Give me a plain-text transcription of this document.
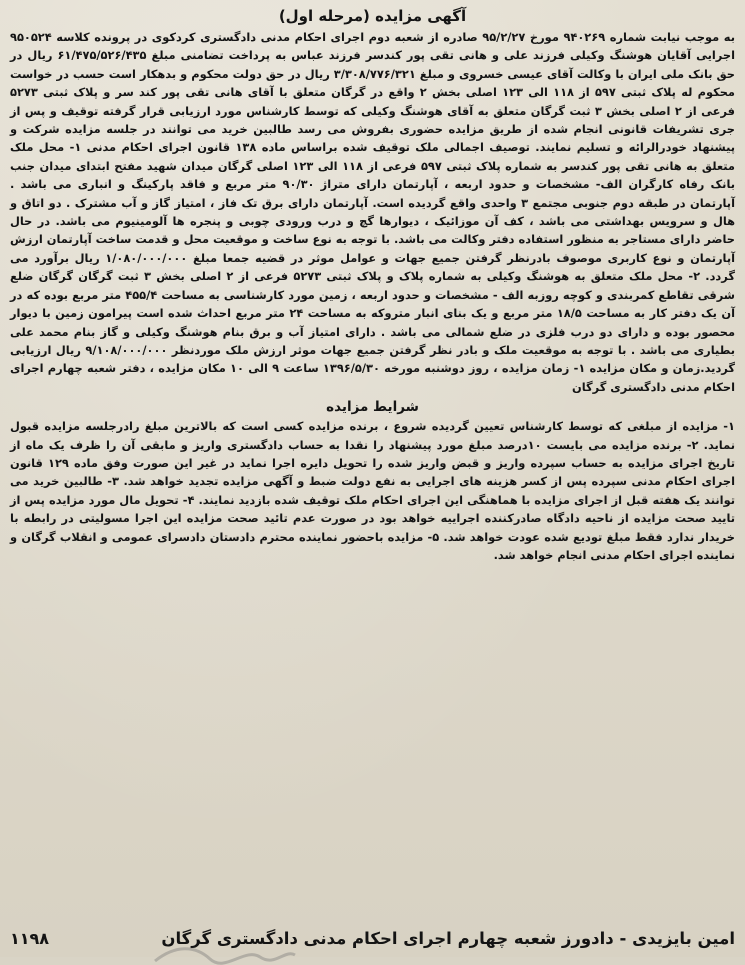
آگهی مزایده (مرحله اول)

به موجب نیابت شماره ۹۴۰۲۶۹ مورخ ۹۵/۲/۲۷ صادره از شعبه دوم اجرای احکام مدنی دادگستری کردکوی در پرونده کلاسه ۹۵۰۵۲۴ اجرایی آقایان هوشنگ وکیلی فرزند علی و هانی تقی پور کندسر فرزند عباس به پرداخت تضامنی مبلغ ۶۱/۴۷۵/۵۲۶/۴۳۵ ریال در حق بانک ملی ایران با وکالت آقای عیسی خسروی و مبلغ ۳/۳۰۸/۷۷۶/۳۲۱ ریال در حق دولت محکوم و بدهکار است حسب در خواست محکوم له پلاک ثبتی ۵۹۷ از ۱۱۸ الی ۱۲۳ اصلی بخش ۲ واقع در گرگان متعلق با آقای هانی تقی پور کند سر و پلاک ثبتی ۵۲۷۳ فرعی از ۲ اصلی بخش ۳ ثبت گرگان متعلق به آقای هوشنگ وکیلی که توسط کارشناس مورد ارزیابی قرار گرفته توقیف و پس از جری تشریفات قانونی انجام شده از طریق مزایده حضوری بفروش می رسد طالبین خرید می توانند در جلسه مزایده شرکت و پیشنهاد خودرالرائه و تسلیم نمایند. توصیف اجمالی ملک توقیف شده براساس ماده ۱۳۸ قانون اجرای احکام مدنی ۱- محل ملک متعلق به هانی تقی پور کندسر به شماره پلاک ثبتی ۵۹۷ فرعی از ۱۱۸ الی ۱۲۳ اصلی گرگان میدان شهید مفتح ابتدای میدان جنب بانک رفاه کارگران الف- مشخصات و حدود اربعه ، آپارتمان دارای متراژ ۹۰/۳۰ متر مربع و فاقد پارکینگ و انباری می باشد . آپارتمان در طبقه دوم جنوبی مجتمع ۳ واحدی واقع گردیده است. آپارتمان دارای برق تک فاز ، امتیاز گاز و آب مشترک . دو اتاق و هال و سرویس بهداشتی می باشد ، کف آن موزائیک ، دیوارها گچ و درب ورودی چوبی و پنجره ها آلومینیوم می باشد. در حال حاضر دارای مستاجر به منظور استفاده دفتر وکالت می باشد. با توجه به نوع ساخت و موقعیت محل و قدمت ساخت آپارتمان ارزش آپارتمان و نوع کاربری موصوف بادرنظر گرفتن جمیع جهات و عوامل موثر در قضیه جمعا مبلغ ۱/۰۸۰/۰۰۰/۰۰۰ ریال برآورد می گردد. ۲- محل ملک متعلق به هوشنگ وکیلی به شماره پلاک و پلاک ثبتی ۵۲۷۳ فرعی از ۲ اصلی بخش ۳ ثبت گرگان گرگان ضلع شرقی تقاطع کمربندی و کوچه روزبه الف - مشخصات و حدود اربعه ، زمین مورد کارشناسی به مساحت ۴۵۵/۴ متر مربع بوده که در آن یک دفتر کار به مساحت ۱۸/۵ متر مربع و یک بنای انبار متروکه به مساحت ۲۴ متر مربع احداث شده است پیرامون زمین با دیوار محصور بوده و دارای دو درب فلزی در ضلع شمالی می باشد . دارای امتیاز آب و برق بنام هوشنگ وکیلی و گاز بنام محمد علی بطیاری می باشد . با توجه به موقعیت ملک و بادر نظر گرفتن جمیع جهات موثر ارزش ملک موردنظر ۹/۱۰۸/۰۰۰/۰۰۰ ریال ارزیابی گردید.زمان و مکان مزایده ۱- زمان مزایده ، روز دوشنبه مورخه ۱۳۹۶/۵/۳۰ ساعت ۹ الی ۱۰ مکان مزایده ، دفتر شعبه چهارم اجرای احکام مدنی دادگستری گرگان

شرایط مزایده

۱- مزایده از مبلغی که توسط کارشناس تعیین گردیده شروع ، برنده مزایده کسی است که بالاترین مبلغ رادرجلسه مزایده قبول نماید. ۲- برنده مزایده می بایست ۱۰درصد مبلغ مورد پیشنهاد را نقدا به حساب دادگستری واریز و مابقی آن را ظرف یک ماه از تاریخ اجرای مزایده به حساب سپرده واریز و قبض واریز شده را تحویل دایره اجرا نماید در غیر این صورت وفق ماده ۱۲۹ قانون اجرای احکام مدنی سپرده پس از کسر هزینه های اجرایی به نفع دولت ضبط و آگهی مزایده تجدید خواهد شد. ۳- طالبین خرید می توانند یک هفته قبل از اجرای مزایده با هماهنگی این اجرای احکام ملک توقیف شده بازدید نمایند. ۴- تحویل مال مورد مزایده پس از تایید صحت مزایده از ناحیه دادگاه صادرکننده اجراییه خواهد بود در صورت عدم تائید صحت مزایده این اجرا مسولیتی در رابطه با خریدار ندارد فقط مبلغ تودیع شده عودت خواهد شد. ۵- مزایده باحضور نماینده محترم دادستان دادسرای عمومی و انقلاب گرگان و نماینده اجرای احکام مدنی انجام خواهد شد.

امین بایزیدی - دادورز شعبه چهارم اجرای احکام مدنی دادگستری گرگان
۱۱۹۸
